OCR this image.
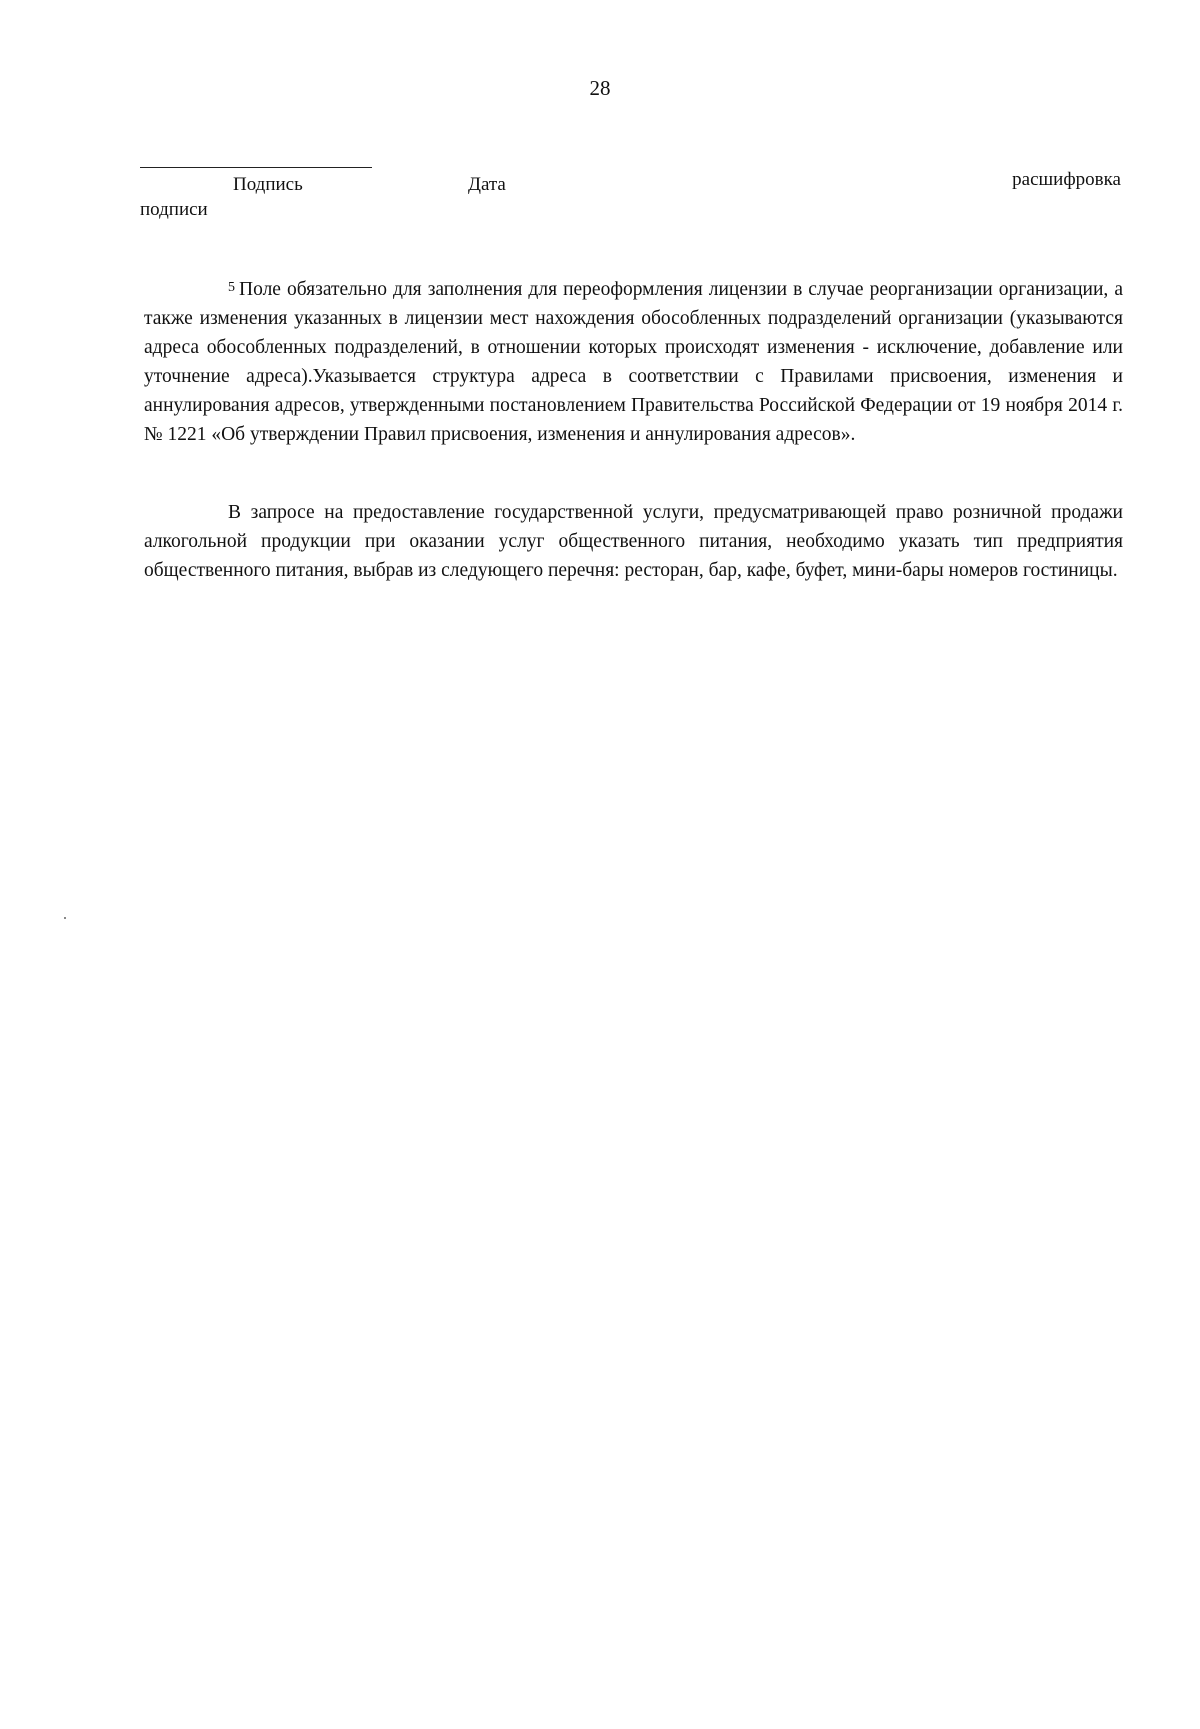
28
Подпись	Дата	расшифровка
подписи

$^5$ Поле обязательно для заполнения для переоформления лицензии в случае реорганизации организации, а также изменения указанных в лицензии мест нахождения обособленных подразделений организации (указываются адреса обособленных подразделений, в отношении которых происходят изменения - исключение, добавление или уточнение адреса).Указывается структура адреса в соответствии с Правилами присвоения, изменения и аннулирования адресов, утвержденными постановлением Правительства Российской Федерации от 19 ноября 2014 г. № 1221 «Об утверждении Правил присвоения, изменения и аннулирования адресов».

В запросе на предоставление государственной услуги, предусматривающей право розничной продажи алкогольной продукции при оказании услуг общественного питания, необходимо указать тип предприятия общественного питания, выбрав из следующего перечня: ресторан, бар, кафе, буфет, мини-бары номеров гостиницы.
